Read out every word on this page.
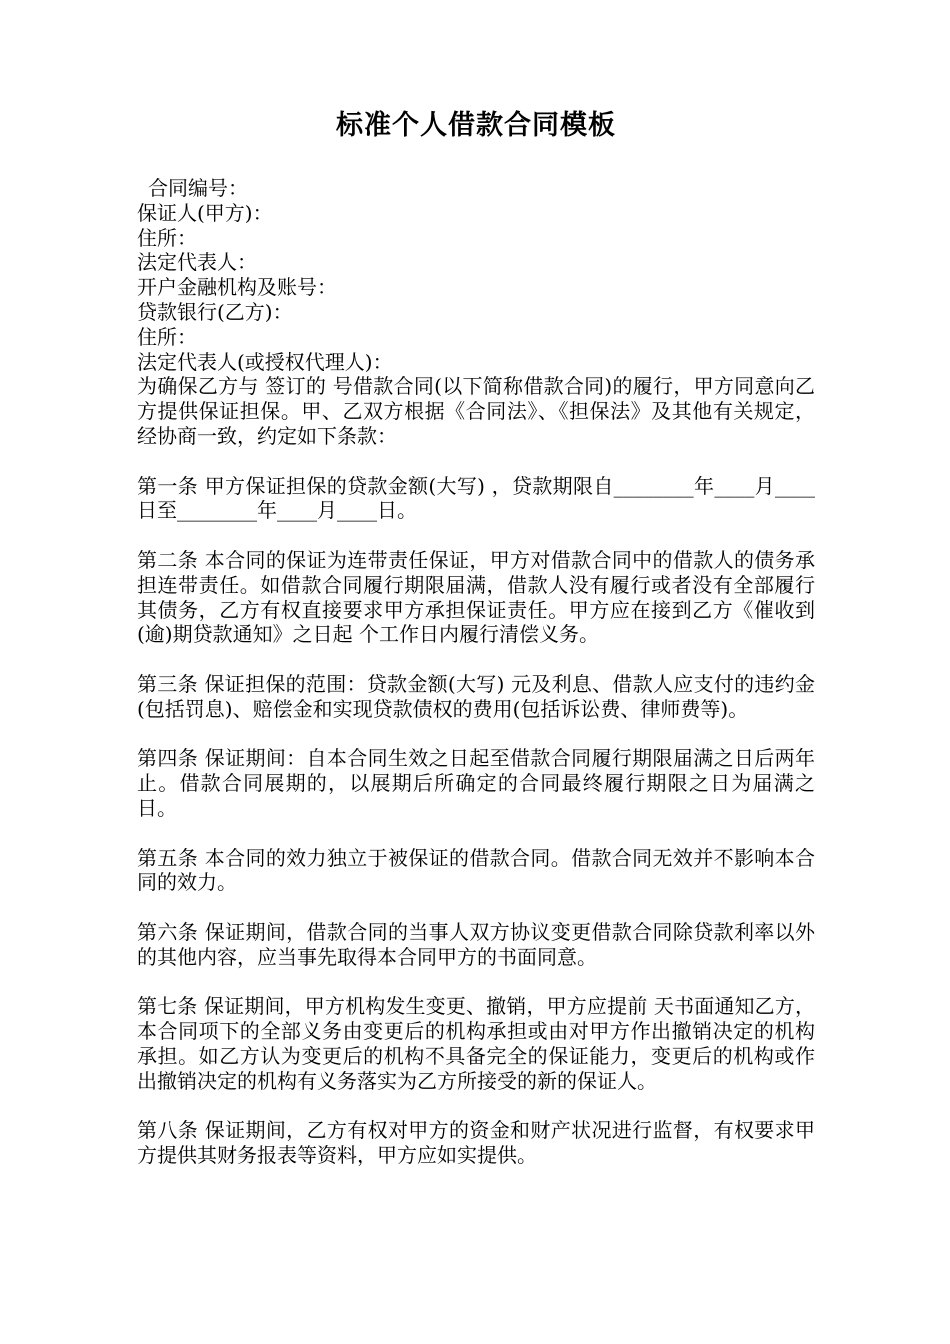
标准个人借款合同模板
合同编号：
保证人(甲方)：
住所：
法定代表人：
开户金融机构及账号：
贷款银行(乙方)：
住所：
法定代表人(或授权代理人)：

为确保乙方与 签订的 号借款合同(以下简称借款合同)的履行，甲方同意向乙方提供保证担保。甲、乙双方根据《合同法》、《担保法》及其他有关规定，经协商一致，约定如下条款：

第一条 甲方保证担保的贷款金额(大写) ，贷款期限自________年____月____日至________年____月____日。

第二条 本合同的保证为连带责任保证，甲方对借款合同中的借款人的债务承担连带责任。如借款合同履行期限届满，借款人没有履行或者没有全部履行其债务，乙方有权直接要求甲方承担保证责任。甲方应在接到乙方《催收到(逾)期贷款通知》之日起 个工作日内履行清偿义务。

第三条 保证担保的范围：贷款金额(大写) 元及利息、借款人应支付的违约金(包括罚息)、赔偿金和实现贷款债权的费用(包括诉讼费、律师费等)。

第四条 保证期间：自本合同生效之日起至借款合同履行期限届满之日后两年止。借款合同展期的，以展期后所确定的合同最终履行期限之日为届满之日。

第五条 本合同的效力独立于被保证的借款合同。借款合同无效并不影响本合同的效力。

第六条 保证期间，借款合同的当事人双方协议变更借款合同除贷款利率以外的其他内容，应当事先取得本合同甲方的书面同意。

第七条 保证期间，甲方机构发生变更、撤销，甲方应提前 天书面通知乙方，本合同项下的全部义务由变更后的机构承担或由对甲方作出撤销决定的机构承担。如乙方认为变更后的机构不具备完全的保证能力，变更后的机构或作出撤销决定的机构有义务落实为乙方所接受的新的保证人。

第八条 保证期间，乙方有权对甲方的资金和财产状况进行监督，有权要求甲方提供其财务报表等资料，甲方应如实提供。
